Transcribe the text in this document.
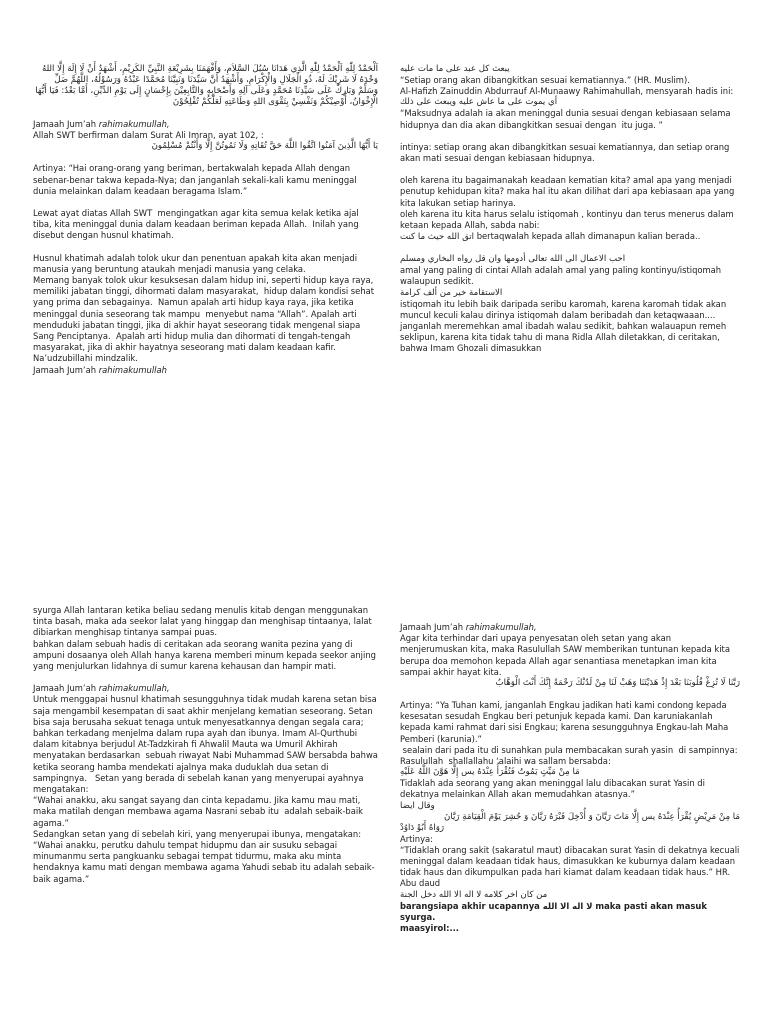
اَلْحَمْدُ لِلّٰهِ اَلْحَمْدُ لِلّٰهِ الَّذِي هَدَانَا سُبُلَ السَّلاَمِ، وَأَفْهَمَنَا بِشَرِيْعَةِ النَّبِيِّ الكَرِيْمِ، أَشْهَدُ أَنْ لَا إِلَهَ إِلَّا اللهُ وَحْدَهُ لَا شَرِيْكَ لَهُ، ذُو الْجَلَالِ وَالْإِكْرَامِ، وَأَشْهَدُ أَنَّ سَيِّدَنَا وَنَبِيَّنَا مُحَمَّدًا عَبْدُهُ وَرَسُوْلُهُ، اللَّهُمَّ صَلِّ وَسَلِّمْ وَبَارِكْ عَلَى سَيِّدِنَا مُحَمَّدٍ وَعَلَى آلِهِ وَأَصْحَابِهِ وَالتَّابِعِيْنَ بِإِحْسَانٍ إِلَى يَوْمِ الدِّيْنِ، أَمَّا بَعْدُ: فَيَا أَيُّهَا الْإِخْوَانُ، أُوْصِيْكُمْ وَنَفْسِيْ بِتَقْوَى اللهِ وَطَاعَتِهِ لَعَلَّكُمْ تُفْلِحُوْنَ

Jamaah Jum’ah rahimakumullah,

Allah SWT berfirman dalam Surat Ali Imran, ayat 102, :

يَا أَيُّهَا الَّذِينَ آمَنُوا اتَّقُوا اللَّهَ حَقَّ تُقَاتِهِ وَلَا تَمُوتُنَّ إِلَّا وَأَنْتُمْ مُسْلِمُونَ

Artinya: “Hai orang-orang yang beriman, bertakwalah kepada Allah dengan sebenar-benar takwa kepada-Nya; dan janganlah sekali-kali kamu meninggal dunia melainkan dalam keadaan beragama Islam.”

Lewat ayat diatas Allah SWT  mengingatkan agar kita semua kelak ketika ajal  tiba, kita meninggal dunia dalam keadaan beriman kepada Allah.  Inilah yang disebut dengan husnul khatimah.

Husnul khatimah adalah tolok ukur dan penentuan apakah kita akan menjadi manusia yang beruntung ataukah menjadi manusia yang celaka.

Memang banyak tolok ukur kesuksesan dalam hidup ini, seperti hidup kaya raya,  memiliki jabatan tinggi, dihormati dalam masyarakat,  hidup dalam kondisi sehat yang prima dan sebagainya.  Namun apalah arti hidup kaya raya, jika ketika meninggal dunia seseorang tak mampu  menyebut nama “Allah”. Apalah arti menduduki jabatan tinggi, jika di akhir hayat seseorang tidak mengenal siapa Sang Penciptanya.  Apalah arti hidup mulia dan dihormati di tengah-tengah masyarakat, jika di akhir hayatnya seseorang mati dalam keadaan kafir. Na’udzubillahi mindzalik.

Jamaah Jum’ah rahimakumullah

يبعث كل عبد على ما مات عليه

“Setiap orang akan dibangkitkan sesuai kematiannya.” (HR. Muslim).

Al-Hafizh Zainuddin Abdurrauf Al-Munaawy Rahimahullah, mensyarah hadis ini:

أي يموت على ما عاش عليه ويبعث على ذلك

“Maksudnya adalah ia akan meninggal dunia sesuai dengan kebiasaan selama hidupnya dan dia akan dibangkitkan sesuai dengan  itu juga. ”

intinya: setiap orang akan dibangkitkan sesuai kematiannya, dan setiap orang akan mati sesuai dengan kebiasaan hidupnya.

oleh karena itu bagaimanakah keadaan kematian kita? amal apa yang menjadi penutup kehidupan kita? maka hal itu akan dilihat dari apa kebiasaan apa yang kita lakukan setiap harinya.
oleh karena itu kita harus selalu istiqomah , kontinyu dan terus menerus dalam ketaan kepada Allah, sabda nabi:

اتق الله حيث ما كنت bertaqwalah kepada allah dimanapun kalian berada..

احب الاعمال الى الله تعالى أدومها وان قل رواه البخاري ومسلم

amal yang paling di cintai Allah adalah amal yang paling kontinyu/istiqomah walaupun sedikit.

الاستقامة خير من ألف كرامة

istiqomah itu lebih baik daripada seribu karomah, karena karomah tidak akan muncul keculi kalau dirinya istiqomah dalam beribadah dan ketaqwaaan....
janganlah meremehkan amal ibadah walau sedikit, bahkan walauapun remeh seklipun, karena kita tidak tahu di mana Ridla Allah diletakkan, di ceritakan, bahwa Imam Ghozali dimasukkan

syurga Allah lantaran ketika beliau sedang menulis kitab dengan menggunakan tinta basah, maka ada seekor lalat yang hinggap dan menghisap tintaanya, lalat dibiarkan menghisap tintanya sampai puas.
bahkan dalam sebuah hadis di ceritakan ada seorang wanita pezina yang di ampuni dosaanya oleh Allah hanya karena memberi minum kepada seekor anjing yang menjulurkan lidahnya di sumur karena kehausan dan hampir mati.

Jamaah Jum’ah rahimakumullah,

Untuk menggapai husnul khatimah sesungguhnya tidak mudah karena setan bisa saja mengambil kesempatan di saat akhir menjelang kematian seseorang. Setan bisa saja berusaha sekuat tenaga untuk menyesatkannya dengan segala cara; bahkan terkadang menjelma dalam rupa ayah dan ibunya. Imam Al-Qurthubi dalam kitabnya berjudul At-Tadzkirah fi Ahwalil Mauta wa Umuril Akhirah menyatakan berdasarkan  sebuah riwayat Nabi Muhammad SAW bersabda bahwa ketika seorang hamba mendekati ajalnya maka duduklah dua setan di sampingnya.   Setan yang berada di sebelah kanan yang menyerupai ayahnya mengatakan:

“Wahai anakku, aku sangat sayang dan cinta kepadamu. Jika kamu mau mati, maka matilah dengan membawa agama Nasrani sebab itu  adalah sebaik-baik agama.”

Sedangkan setan yang di sebelah kiri, yang menyerupai ibunya, mengatakan:

“Wahai anakku, perutku dahulu tempat hidupmu dan air susuku sebagai minumanmu serta pangkuanku sebagai tempat tidurmu, maka aku minta hendaknya kamu mati dengan membawa agama Yahudi sebab itu adalah sebaik-baik agama.”

Jamaah Jum’ah rahimakumullah,

Agar kita terhindar dari upaya penyesatan oleh setan yang akan menjerumuskan kita, maka Rasulullah SAW memberikan tuntunan kepada kita berupa doa memohon kepada Allah agar senantiasa menetapkan iman kita sampai akhir hayat kita.

رَبَّنَا لَا تُزِغْ قُلُوبَنَا بَعْدَ إِذْ هَدَيْتَنَا وَهَبْ لَنَا مِنْ لَدُنْكَ رَحْمَةً إِنَّكَ أَنْتَ الْوَهَّابُ

Artinya: “Ya Tuhan kami, janganlah Engkau jadikan hati kami condong kepada kesesatan sesudah Engkau beri petunjuk kepada kami. Dan karuniakanlah kepada kami rahmat dari sisi Engkau; karena sesungguhnya Engkau-lah Maha Pemberi (karunia).”

sealain dari pada itu di sunahkan pula membacakan surah yasin  di sampinnya:

Rasulullah  shallallahu ‘alaihi wa sallam bersabda:

مَا مِنْ مَيِّتٍ يَمُوتُ فَتُقْرَأُ عِنْدَهُ يس إِلَّا هَوَّنَ اللَّهُ عَلَيْهِ

Tidaklah ada seorang yang akan meninggal lalu dibacakan surat Yasin di dekatnya melainkan Allah akan memudahkan atasnya.”

وقال ايضا

مَا مِنْ مَرِيْضٍ يُقْرَأُ عِنْدَهُ يس إِلَّا مَاتَ رَيَّانَ وَ أُدْخِلَ قَبْرَهُ رَيَّانَ وَ حُشِرَ يَوْمَ الْقِيَامَةِ رَيَّانَ

رَوَاهُ أَبُوْ دَاوُدْ

Artinya:

“Tidaklah orang sakit (sakaratul maut) dibacakan surat Yasin di dekatnya kecuali meninggal dalam keadaan tidak haus, dimasukkan ke kuburnya dalam keadaan tidak haus dan dikumpulkan pada hari kiamat dalam keadaan tidak haus.” HR.  Abu daud

من كان اخر كلامه لا اله الا الله دخل الجنة

barangsiapa akhir ucapannya لا اله الا الله maka pasti akan masuk syurga.

maasyirol:...
